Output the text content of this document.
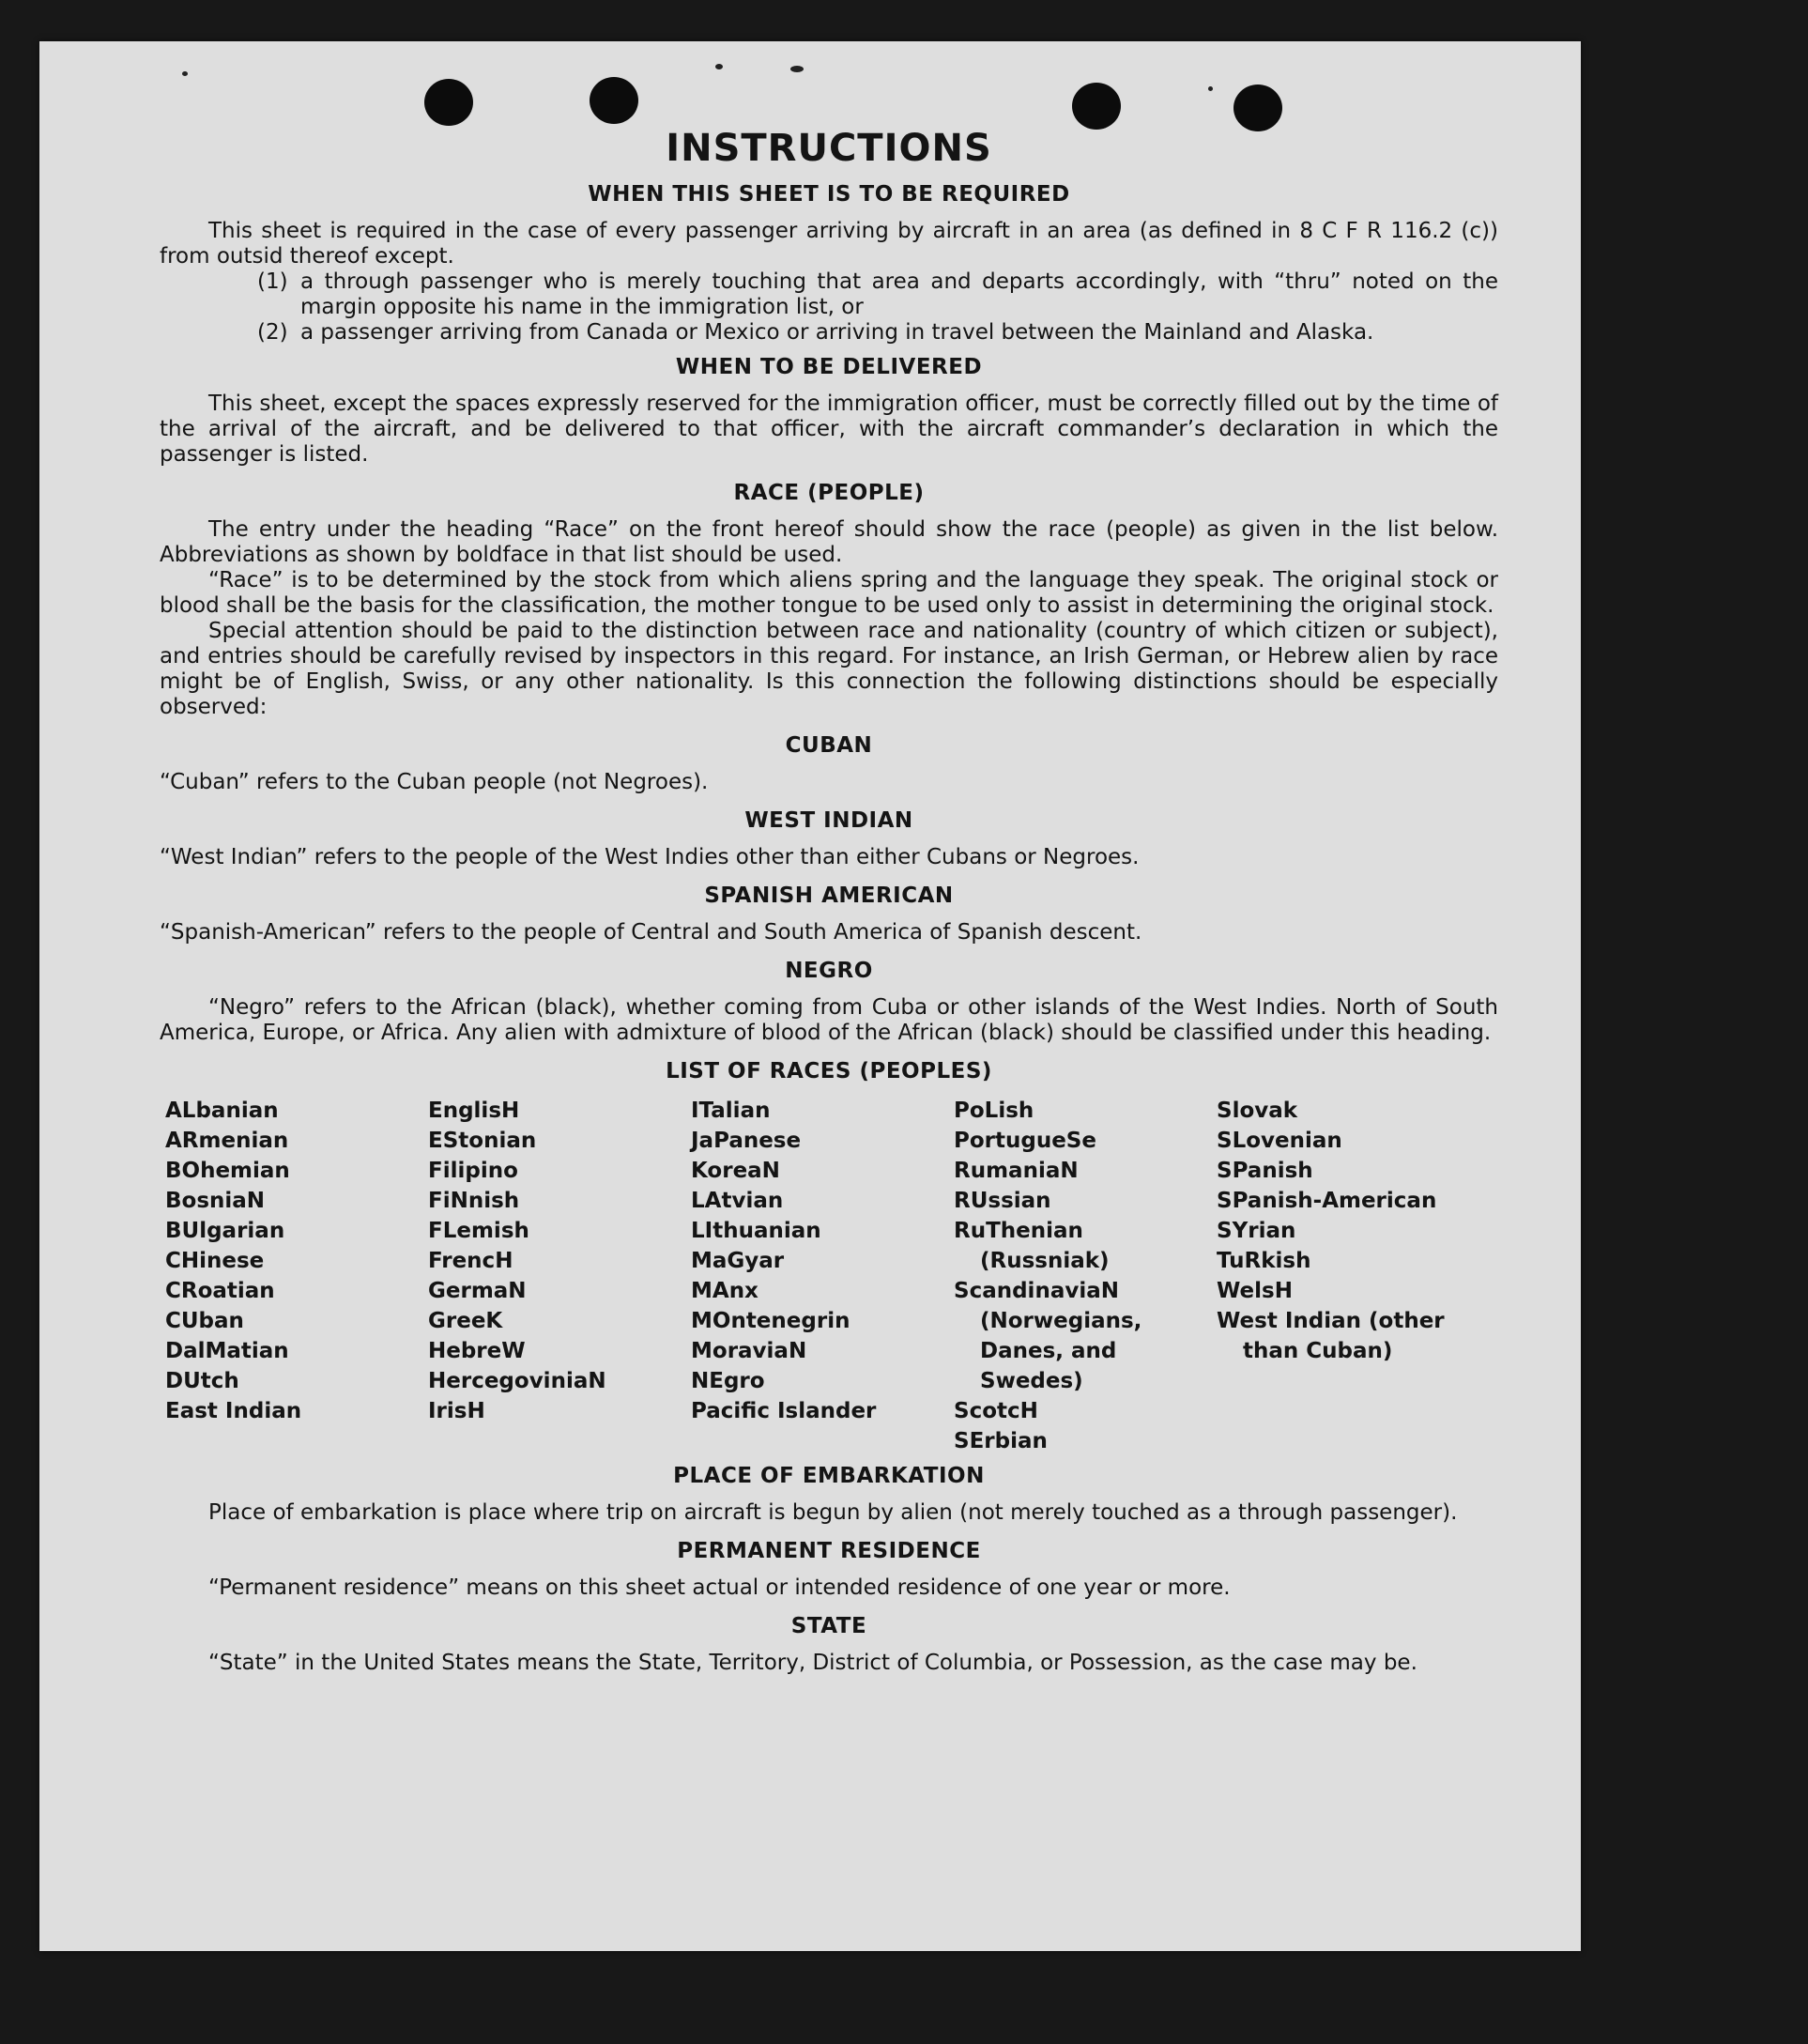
INSTRUCTIONS
WHEN THIS SHEET IS TO BE REQUIRED

This sheet is required in the case of every passenger arriving by aircraft in an area (as defined in 8 C F R 116.2 (c)) from outsid thereof except.

(1) a through passenger who is merely touching that area and departs accordingly, with “thru” noted on the margin opposite his name in the immigration list, or
(2) a passenger arriving from Canada or Mexico or arriving in travel between the Mainland and Alaska.
WHEN TO BE DELIVERED

This sheet, except the spaces expressly reserved for the immigration officer, must be correctly filled out by the time of the arrival of the aircraft, and be delivered to that officer, with the aircraft commander’s declaration in which the passenger is listed.

RACE (PEOPLE)

The entry under the heading “Race” on the front hereof should show the race (people) as given in the list below. Abbreviations as shown by boldface in that list should be used.

“Race” is to be determined by the stock from which aliens spring and the language they speak. The original stock or blood shall be the basis for the classification, the mother tongue to be used only to assist in determining the original stock.

Special attention should be paid to the distinction between race and nationality (country of which citizen or subject), and entries should be carefully revised by inspectors in this regard. For instance, an Irish German, or Hebrew alien by race might be of English, Swiss, or any other nationality. Is this connection the following distinctions should be especially observed:

CUBAN

“Cuban” refers to the Cuban people (not Negroes).

WEST INDIAN

“West Indian” refers to the people of the West Indies other than either Cubans or Negroes.

SPANISH AMERICAN

“Spanish-American” refers to the people of Central and South America of Spanish descent.

NEGRO

“Negro” refers to the African (black), whether coming from Cuba or other islands of the West Indies. North of South America, Europe, or Africa. Any alien with admixture of blood of the African (black) should be classified under this heading.

LIST OF RACES (PEOPLES)
ALbanian
ARmenian
BOhemian
BosniaN
BUlgarian
CHinese
CRoatian
CUban
DalMatian
DUtch
East Indian
EnglisH
EStonian
Filipino
FiNnish
FLemish
FrencH
GermaN
GreeK
HebreW
HercegoviniaN
IrisH
ITalian
JaPanese
KoreaN
LAtvian
LIthuanian
MaGyar
MAnx
MOntenegrin
MoraviaN
NEgro
Pacific Islander
PoLish
PortugueSe
RumaniaN
RUssian
RuThenian (Russniak)
ScandinaviaN (Norwegians, Danes, and Swedes)
ScotcH
SErbian
Slovak
SLovenian
SPanish
SPanish-American
SYrian
TuRkish
WelsH
West Indian (other than Cuban)
PLACE OF EMBARKATION

Place of embarkation is place where trip on aircraft is begun by alien (not merely touched as a through passenger).

PERMANENT RESIDENCE

“Permanent residence” means on this sheet actual or intended residence of one year or more.

STATE

“State” in the United States means the State, Territory, District of Columbia, or Possession, as the case may be.
